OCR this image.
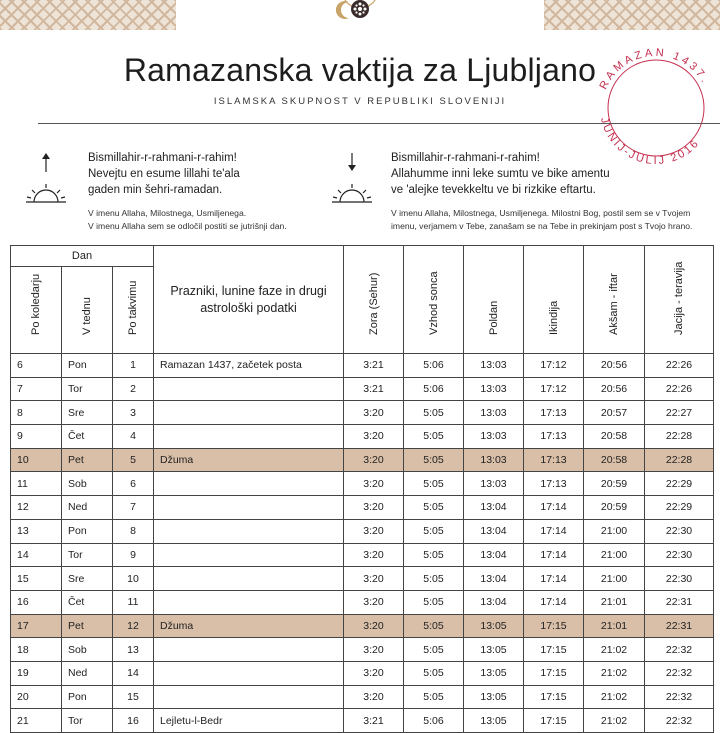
Ramazanska vaktija za Ljubljano
ISLAMSKA SKUPNOST V REPUBLIKI SLOVENIJI
RAMAZAN 1437.
JUNIJ-JULIJ 2016
Bismillahir-r-rahmani-r-rahim!
Nevejtu en esume lillahi te'ala
gaden min šehri-ramadan.
V imenu Allaha, Milostnega, Usmiljenega.
V imenu Allaha sem se odločil postiti se jutrišnji dan.
Bismillahir-r-rahmani-r-rahim!
Allahumme inni leke sumtu ve bike amentu
ve 'alejke tevekkeltu ve bi rizkike eftartu.
V imenu Allaha, Milostnega, Usmiljenega. Milostni Bog, postil sem se v Tvojem
imenu, verjamem v Tebe, zanašam se na Tebe in prekinjam post s Tvojo hrano.
Dan			Prazniki, lunine faze in drugi astrološki podatki	Zora (Sehur)	Vzhod sonca	Poldan	Ikindija	Akšam - iftar	Jacija - teravija

Po koledarju	V tednu	Po takvimu							

6	Pon	1	Ramazan 1437, začetek posta	3:21	5:06	13:03	17:12	20:56	22:26
7	Tor	2		3:21	5:06	13:03	17:12	20:56	22:26
8	Sre	3		3:20	5:05	13:03	17:13	20:57	22:27
9	Čet	4		3:20	5:05	13:03	17:13	20:58	22:28
10	Pet	5	Džuma	3:20	5:05	13:03	17:13	20:58	22:28
11	Sob	6		3:20	5:05	13:03	17:13	20:59	22:29
12	Ned	7		3:20	5:05	13:04	17:14	20:59	22:29
13	Pon	8		3:20	5:05	13:04	17:14	21:00	22:30
14	Tor	9		3:20	5:05	13:04	17:14	21:00	22:30
15	Sre	10		3:20	5:05	13:04	17:14	21:00	22:30
16	Čet	11		3:20	5:05	13:04	17:14	21:01	22:31
17	Pet	12	Džuma	3:20	5:05	13:05	17:15	21:01	22:31
18	Sob	13		3:20	5:05	13:05	17:15	21:02	22:32
19	Ned	14		3:20	5:05	13:05	17:15	21:02	22:32
20	Pon	15		3:20	5:05	13:05	17:15	21:02	22:32
21	Tor	16	Lejletu-l-Bedr	3:21	5:06	13:05	17:15	21:02	22:32
